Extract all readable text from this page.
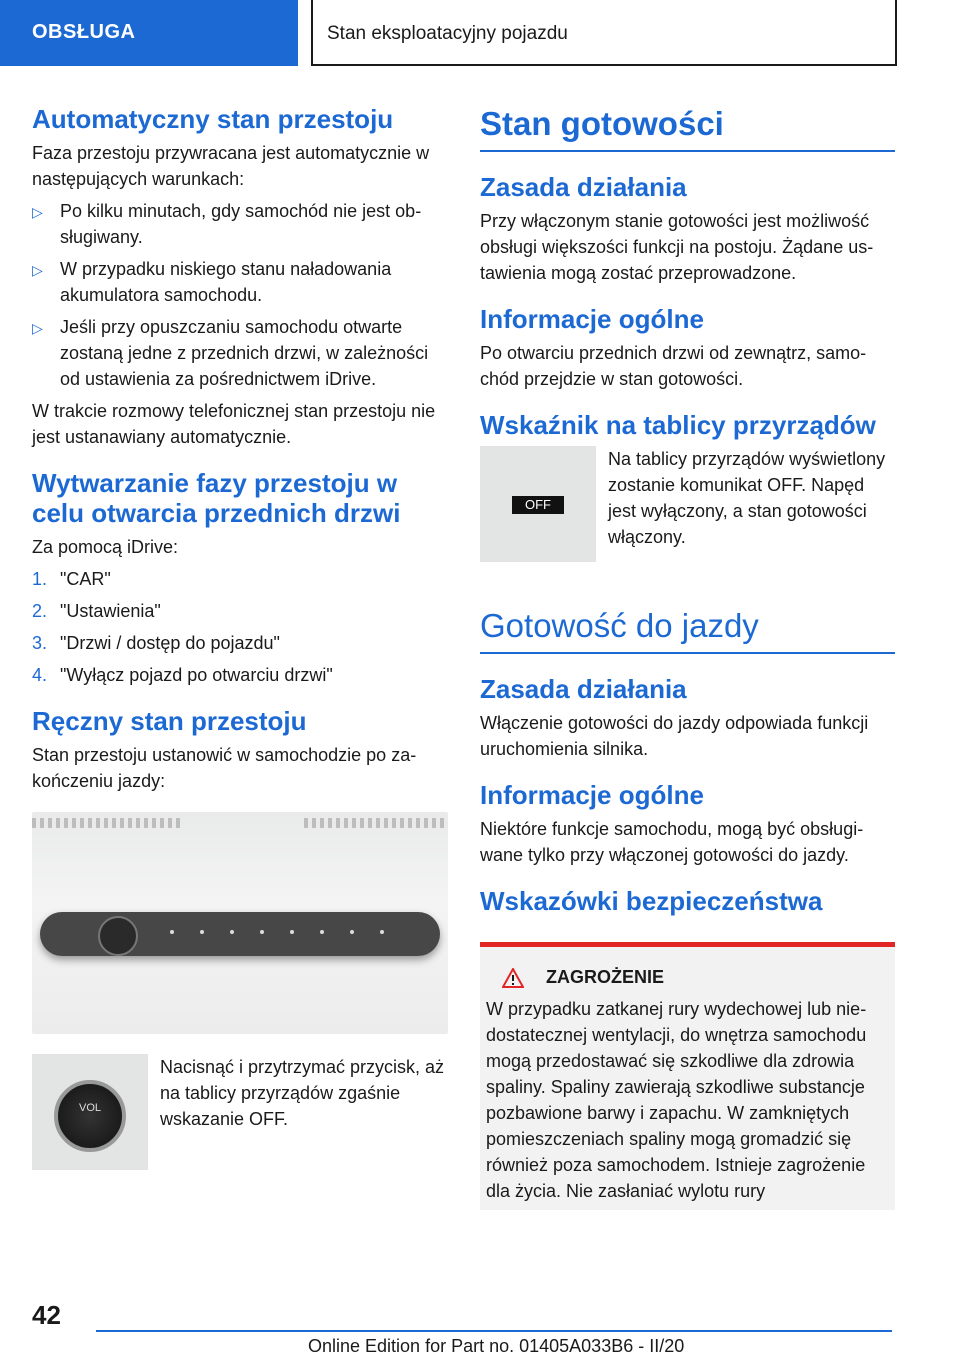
OBSŁUGA	Stan eksploatacyjny pojazdu
Automatyczny stan przestoju

Faza przestoju przywracana jest automatycznie w następujących warunkach:

▷ Po kilku minutach, gdy samochód nie jest obsługiwany.
▷ W przypadku niskiego stanu naładowania akumulatora samochodu.
▷ Jeśli przy opuszczaniu samochodu otwarte zostaną jedne z przednich drzwi, w zależności od ustawienia za pośrednictwem iDrive.

W trakcie rozmowy telefonicznej stan przestoju nie jest ustanawiany automatycznie.

Wytwarzanie fazy przestoju w celu otwarcia przednich drzwi

Za pomocą iDrive:

1. "CAR"
2. "Ustawienia"
3. "Drzwi / dostęp do pojazdu"
4. "Wyłącz pojazd po otwarciu drzwi"
Ręczny stan przestoju

Stan przestoju ustanowić w samochodzie po zakończeniu jazdy:

VOL
Nacisnąć i przytrzymać przycisk, aż na tablicy przyrządów zgaśnie wskazanie OFF.
Stan gotowości
Zasada działania

Przy włączonym stanie gotowości jest możliwość obsługi większości funkcji na postoju. Żądane ustawienia mogą zostać przeprowadzone.

Informacje ogólne

Po otwarciu przednich drzwi od zewnątrz, samochód przejdzie w stan gotowości.

Wskaźnik na tablicy przyrządów
OFF
Na tablicy przyrządów wyświetlony zostanie komunikat OFF. Napęd jest wyłączony, a stan gotowości włączony.
Gotowość do jazdy
Zasada działania

Włączenie gotowości do jazdy odpowiada funkcji uruchomienia silnika.

Informacje ogólne

Niektóre funkcje samochodu, mogą być obsługiwane tylko przy włączonej gotowości do jazdy.

Wskazówki bezpieczeństwa
ZAGROŻENIE

W przypadku zatkanej rury wydechowej lub niedostatecznej wentylacji, do wnętrza samochodu mogą przedostawać się szkodliwe dla zdrowia spaliny. Spaliny zawierają szkodliwe substancje pozbawione barwy i zapachu. W zamkniętych pomieszczeniach spaliny mogą gromadzić się również poza samochodem. Istnieje zagrożenie dla życia. Nie zasłaniać wylotu rury

42
Online Edition for Part no. 01405A033B6 - II/20
